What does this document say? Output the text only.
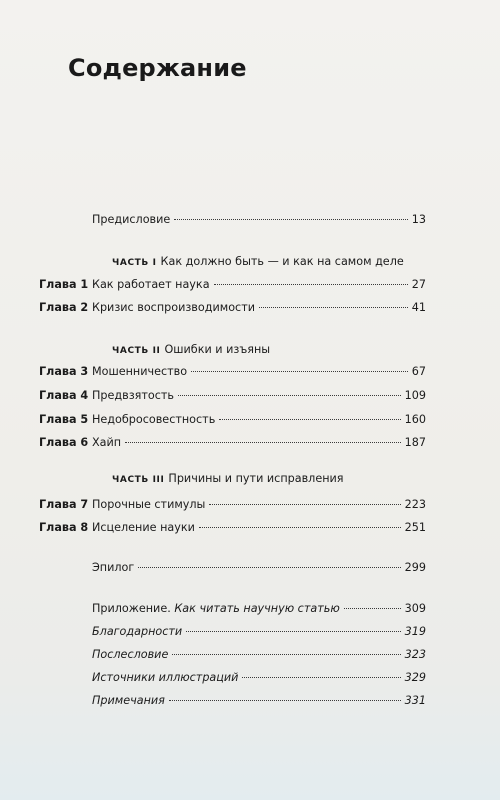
Содержание
Предисловие	13
ЧАСТЬ I Как должно быть — и как на самом деле
Глава 1 Как работает наука	27
Глава 2 Кризис воспроизводимости	41
ЧАСТЬ II Ошибки и изъяны
Глава 3 Мошенничество	67
Глава 4 Предвзятость	109
Глава 5 Недобросовестность	160
Глава 6 Хайп	187
ЧАСТЬ III Причины и пути исправления
Глава 7 Порочные стимулы	223
Глава 8 Исцеление науки	251
Эпилог	299
Приложение. Как читать научную статью	309
Благодарности	319
Послесловие	323
Источники иллюстраций	329
Примечания	331
